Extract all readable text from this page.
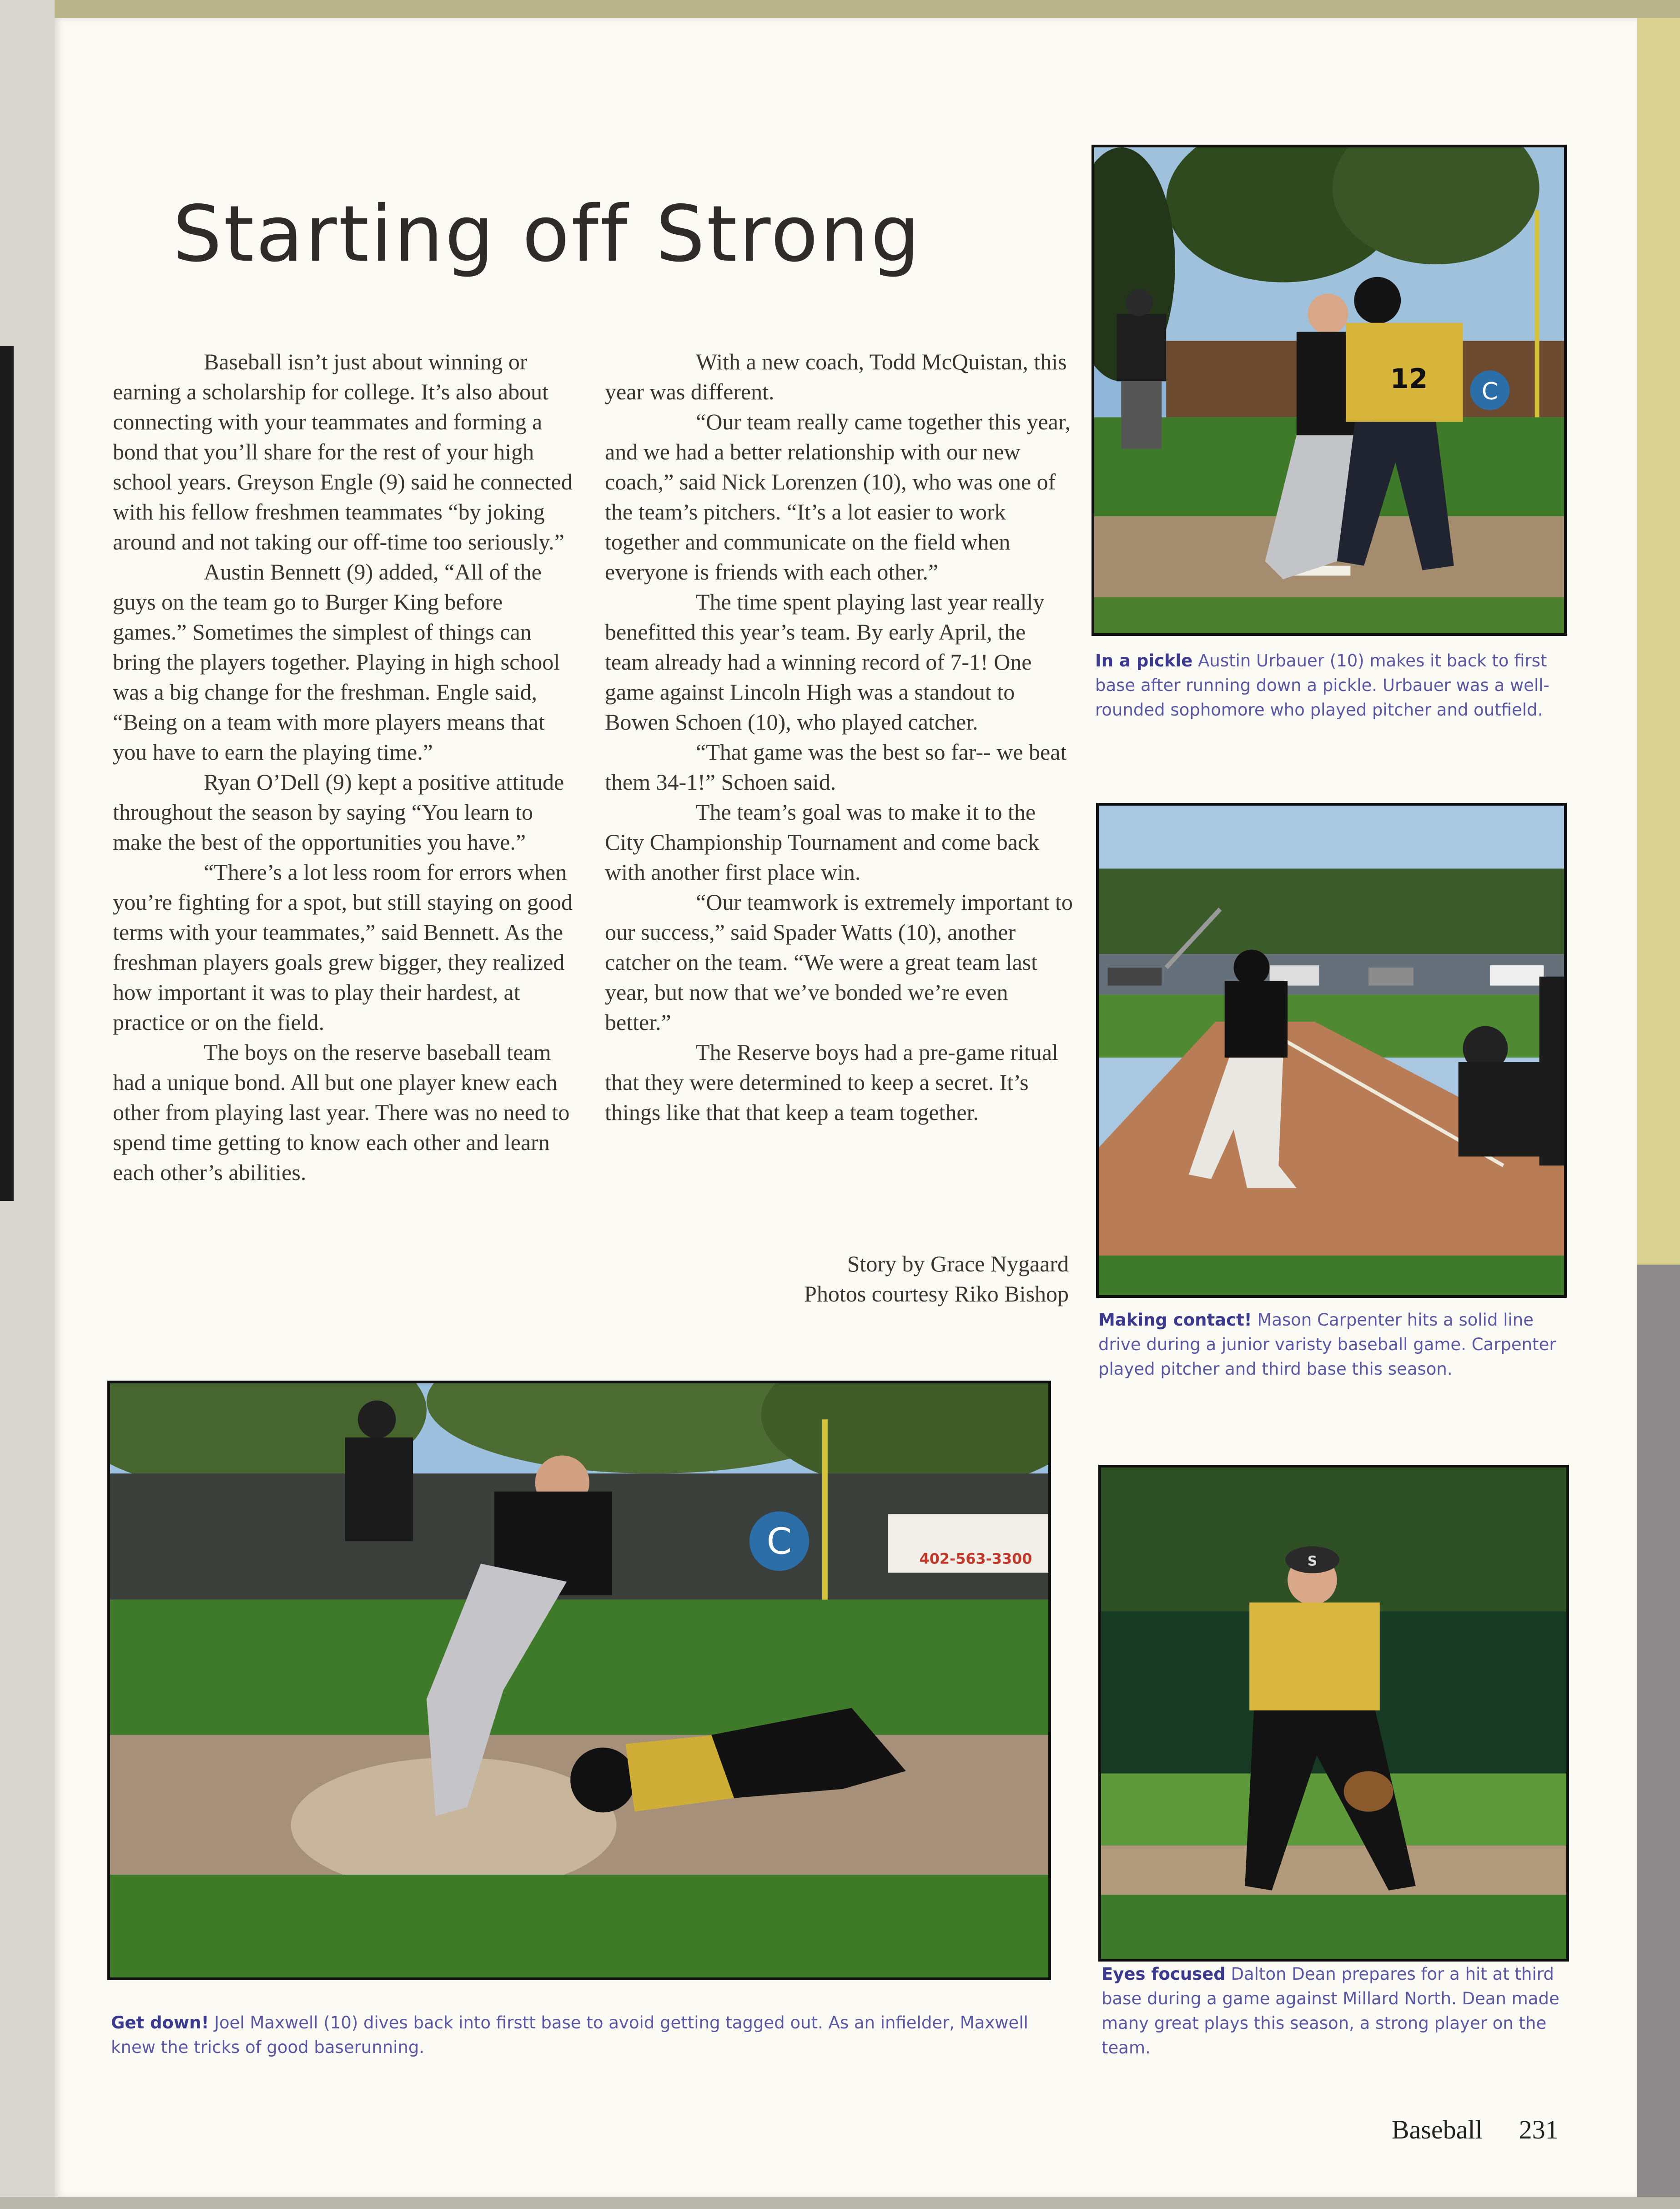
Starting off Strong

Baseball isn’t just about winning or earning a scholarship for college. It’s also about connecting with your teammates and forming a bond that you’ll share for the rest of your high school years. Greyson Engle (9) said he connected with his fellow freshmen teammates “by joking around and not taking our off-time too seriously.”

Austin Bennett (9) added, “All of the guys on the team go to Burger King before games.” Sometimes the simplest of things can bring the players together. Playing in high school was a big change for the freshman. Engle said, “Being on a team with more players means that you have to earn the playing time.”

Ryan O’Dell (9) kept a positive attitude throughout the season by saying “You learn to make the best of the opportunities you have.”

“There’s a lot less room for errors when you’re fighting for a spot, but still staying on good terms with your teammates,” said Bennett. As the freshman players goals grew bigger, they realized how important it was to play their hardest, at practice or on the field.

The boys on the reserve baseball team had a unique bond. All but one player knew each other from playing last year. There was no need to spend time getting to know each other and learn each other’s abilities.

With a new coach, Todd McQuistan, this year was different.

“Our team really came together this year, and we had a better relationship with our new coach,” said Nick Lorenzen (10), who was one of the team’s pitchers. “It’s a lot easier to work together and communicate on the field when everyone is friends with each other.”

The time spent playing last year really benefitted this year’s team. By early April, the team already had a winning record of 7-1! One game against Lincoln High was a standout to Bowen Schoen (10), who played catcher.

“That game was the best so far-- we beat them 34-1!” Schoen said.

The team’s goal was to make it to the City Championship Tournament and come back with another first place win.

“Our teamwork is extremely important to our success,” said Spader Watts (10), another catcher on the team. “We were a great team last year, but now that we’ve bonded we’re even better.”

The Reserve boys had a pre-game ritual that they were determined to keep a secret. It’s things like that that keep a team together.

Story by Grace Nygaard
Photos courtesy Riko Bishop
C
12
In a pickle Austin Urbauer (10) makes it back to first base after running down a pickle. Urbauer was a well-rounded sophomore who played pitcher and outfield.
Making contact! Mason Carpenter hits a solid line drive during a junior varisty baseball game. Carpenter played pitcher and third base this season.
C	402-563-3300
Get down! Joel Maxwell (10) dives back into firstt base to avoid getting tagged out. As an infielder, Maxwell knew the tricks of good baserunning.
S
Eyes focused Dalton Dean prepares for a hit at third base during a game against Millard North. Dean made many great plays this season, a strong player on the team.
Baseball 231
